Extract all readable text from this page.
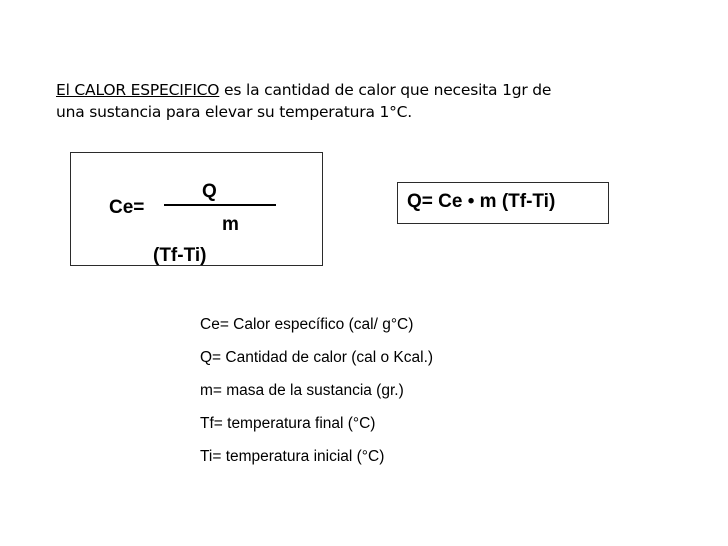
El CALOR ESPECIFICO es la cantidad de calor que necesita 1gr de
una sustancia para elevar su temperatura 1°C.
Ce=
Q
m
(Tf-Ti)
Q= Ce • m (Tf-Ti)
Ce= Calor específico (cal/ g°C)
Q= Cantidad de calor (cal o Kcal.)
m= masa de la sustancia (gr.)
Tf= temperatura final (°C)
Ti= temperatura inicial (°C)
